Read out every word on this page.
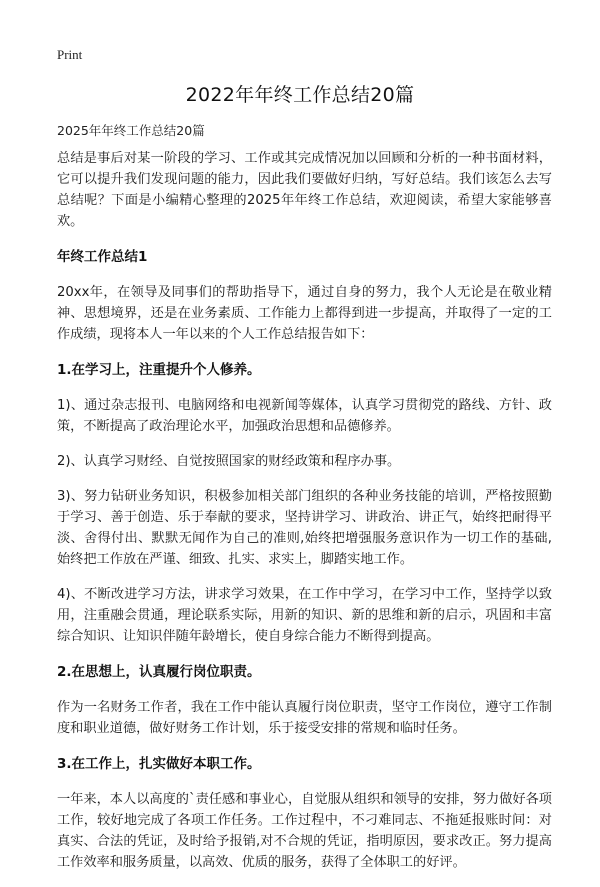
Print
2022年年终工作总结20篇
2025年年终工作总结20篇

总结是事后对某一阶段的学习、工作或其完成情况加以回顾和分析的一种书面材料，它可以提升我们发现问题的能力，因此我们要做好归纳，写好总结。我们该怎么去写总结呢？下面是小编精心整理的2025年年终工作总结，欢迎阅读，希望大家能够喜欢。

年终工作总结1

20xx年，在领导及同事们的帮助指导下，通过自身的努力，我个人无论是在敬业精神、思想境界，还是在业务素质、工作能力上都得到进一步提高，并取得了一定的工作成绩，现将本人一年以来的个人工作总结报告如下：

1.在学习上，注重提升个人修养。

1)、通过杂志报刊、电脑网络和电视新闻等媒体，认真学习贯彻党的路线、方针、政策，不断提高了政治理论水平，加强政治思想和品德修养。

2)、认真学习财经、自觉按照国家的财经政策和程序办事。

3)、努力钻研业务知识，积极参加相关部门组织的各种业务技能的培训，严格按照勤于学习、善于创造、乐于奉献的要求，坚持讲学习、讲政治、讲正气，始终把耐得平淡、舍得付出、默默无闻作为自己的准则,始终把增强服务意识作为一切工作的基础,始终把工作放在严谨、细致、扎实、求实上，脚踏实地工作。

4)、不断改进学习方法，讲求学习效果，在工作中学习，在学习中工作，坚持学以致用，注重融会贯通，理论联系实际，用新的知识、新的思维和新的启示，巩固和丰富综合知识、让知识伴随年龄增长，使自身综合能力不断得到提高。

2.在思想上，认真履行岗位职责。

作为一名财务工作者，我在工作中能认真履行岗位职责，坚守工作岗位，遵守工作制度和职业道德，做好财务工作计划，乐于接受安排的常规和临时任务。

3.在工作上，扎实做好本职工作。

一年来，本人以高度的`责任感和事业心，自觉服从组织和领导的安排，努力做好各项工作，较好地完成了各项工作任务。工作过程中，不刁难同志、不拖延报账时间：对真实、合法的凭证，及时给予报销,对不合规的凭证，指明原因，要求改正。努力提高工作效率和服务质量，以高效、优质的服务，获得了全体职工的好评。
